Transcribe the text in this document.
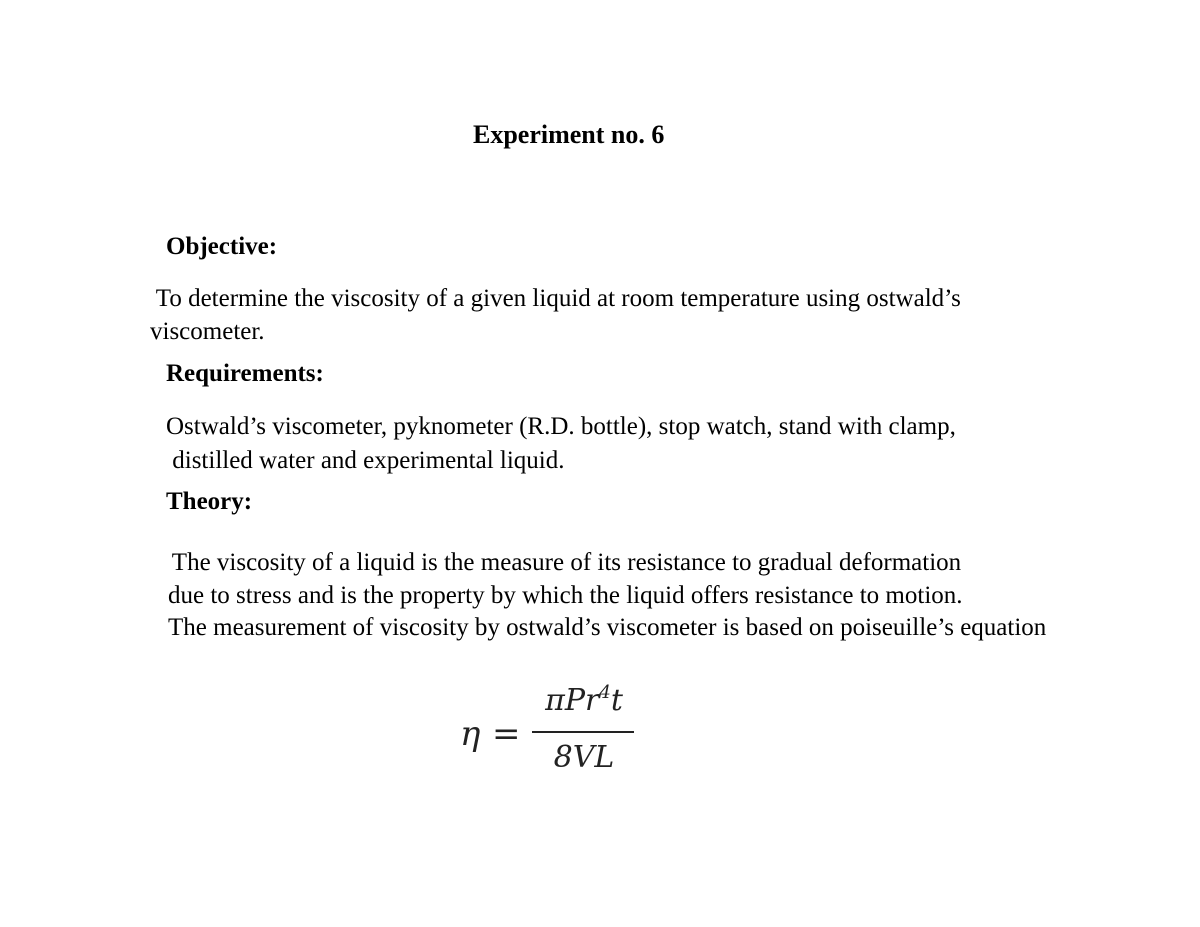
Experiment no. 6
Objective:
To determine the viscosity of a given liquid at room temperature using ostwald’s
viscometer.
Requirements:
Ostwald’s viscometer, pyknometer (R.D. bottle), stop watch, stand with clamp,
distilled water and experimental liquid.
Theory:
The viscosity of a liquid is the measure of its resistance to gradual deformation
due to stress and is the property by which the liquid offers resistance to motion.
The measurement of viscosity by ostwald’s viscometer is based on poiseuille’s equation
η =
πPr$^4$t
8VL
